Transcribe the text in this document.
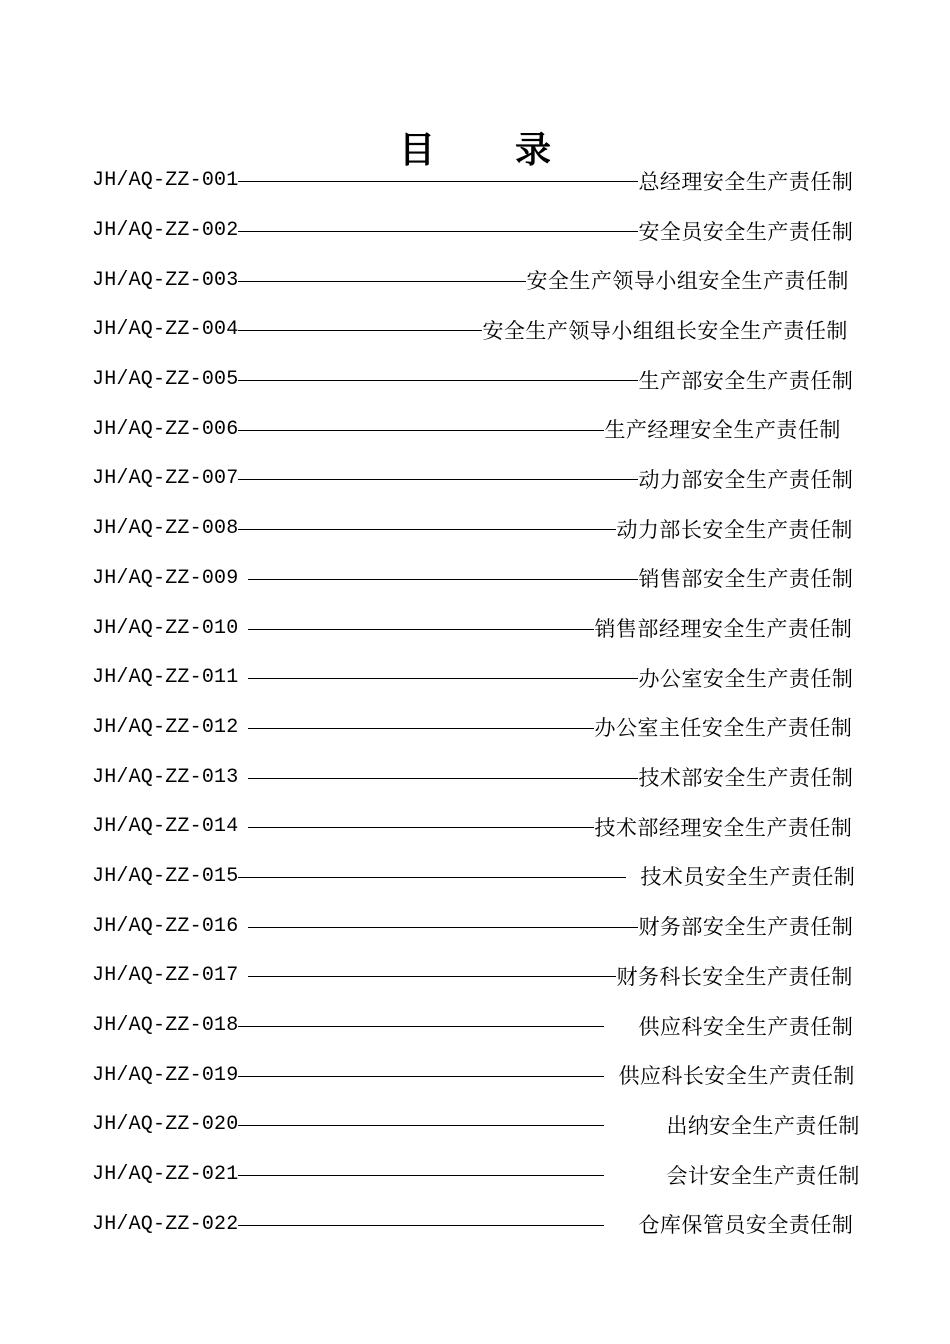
目 录
JH/AQ-ZZ-001	总经理安全生产责任制
JH/AQ-ZZ-002	安全员安全生产责任制
JH/AQ-ZZ-003	安全生产领导小组安全生产责任制
JH/AQ-ZZ-004	安全生产领导小组组长安全生产责任制
JH/AQ-ZZ-005	生产部安全生产责任制
JH/AQ-ZZ-006	生产经理安全生产责任制
JH/AQ-ZZ-007	动力部安全生产责任制
JH/AQ-ZZ-008	动力部长安全生产责任制
JH/AQ-ZZ-009	销售部安全生产责任制
JH/AQ-ZZ-010	销售部经理安全生产责任制
JH/AQ-ZZ-011	办公室安全生产责任制
JH/AQ-ZZ-012	办公室主任安全生产责任制
JH/AQ-ZZ-013	技术部安全生产责任制
JH/AQ-ZZ-014	技术部经理安全生产责任制
JH/AQ-ZZ-015	技术员安全生产责任制
JH/AQ-ZZ-016	财务部安全生产责任制
JH/AQ-ZZ-017	财务科长安全生产责任制
JH/AQ-ZZ-018	供应科安全生产责任制
JH/AQ-ZZ-019	供应科长安全生产责任制
JH/AQ-ZZ-020	出纳安全生产责任制
JH/AQ-ZZ-021	会计安全生产责任制
JH/AQ-ZZ-022	仓库保管员安全责任制
